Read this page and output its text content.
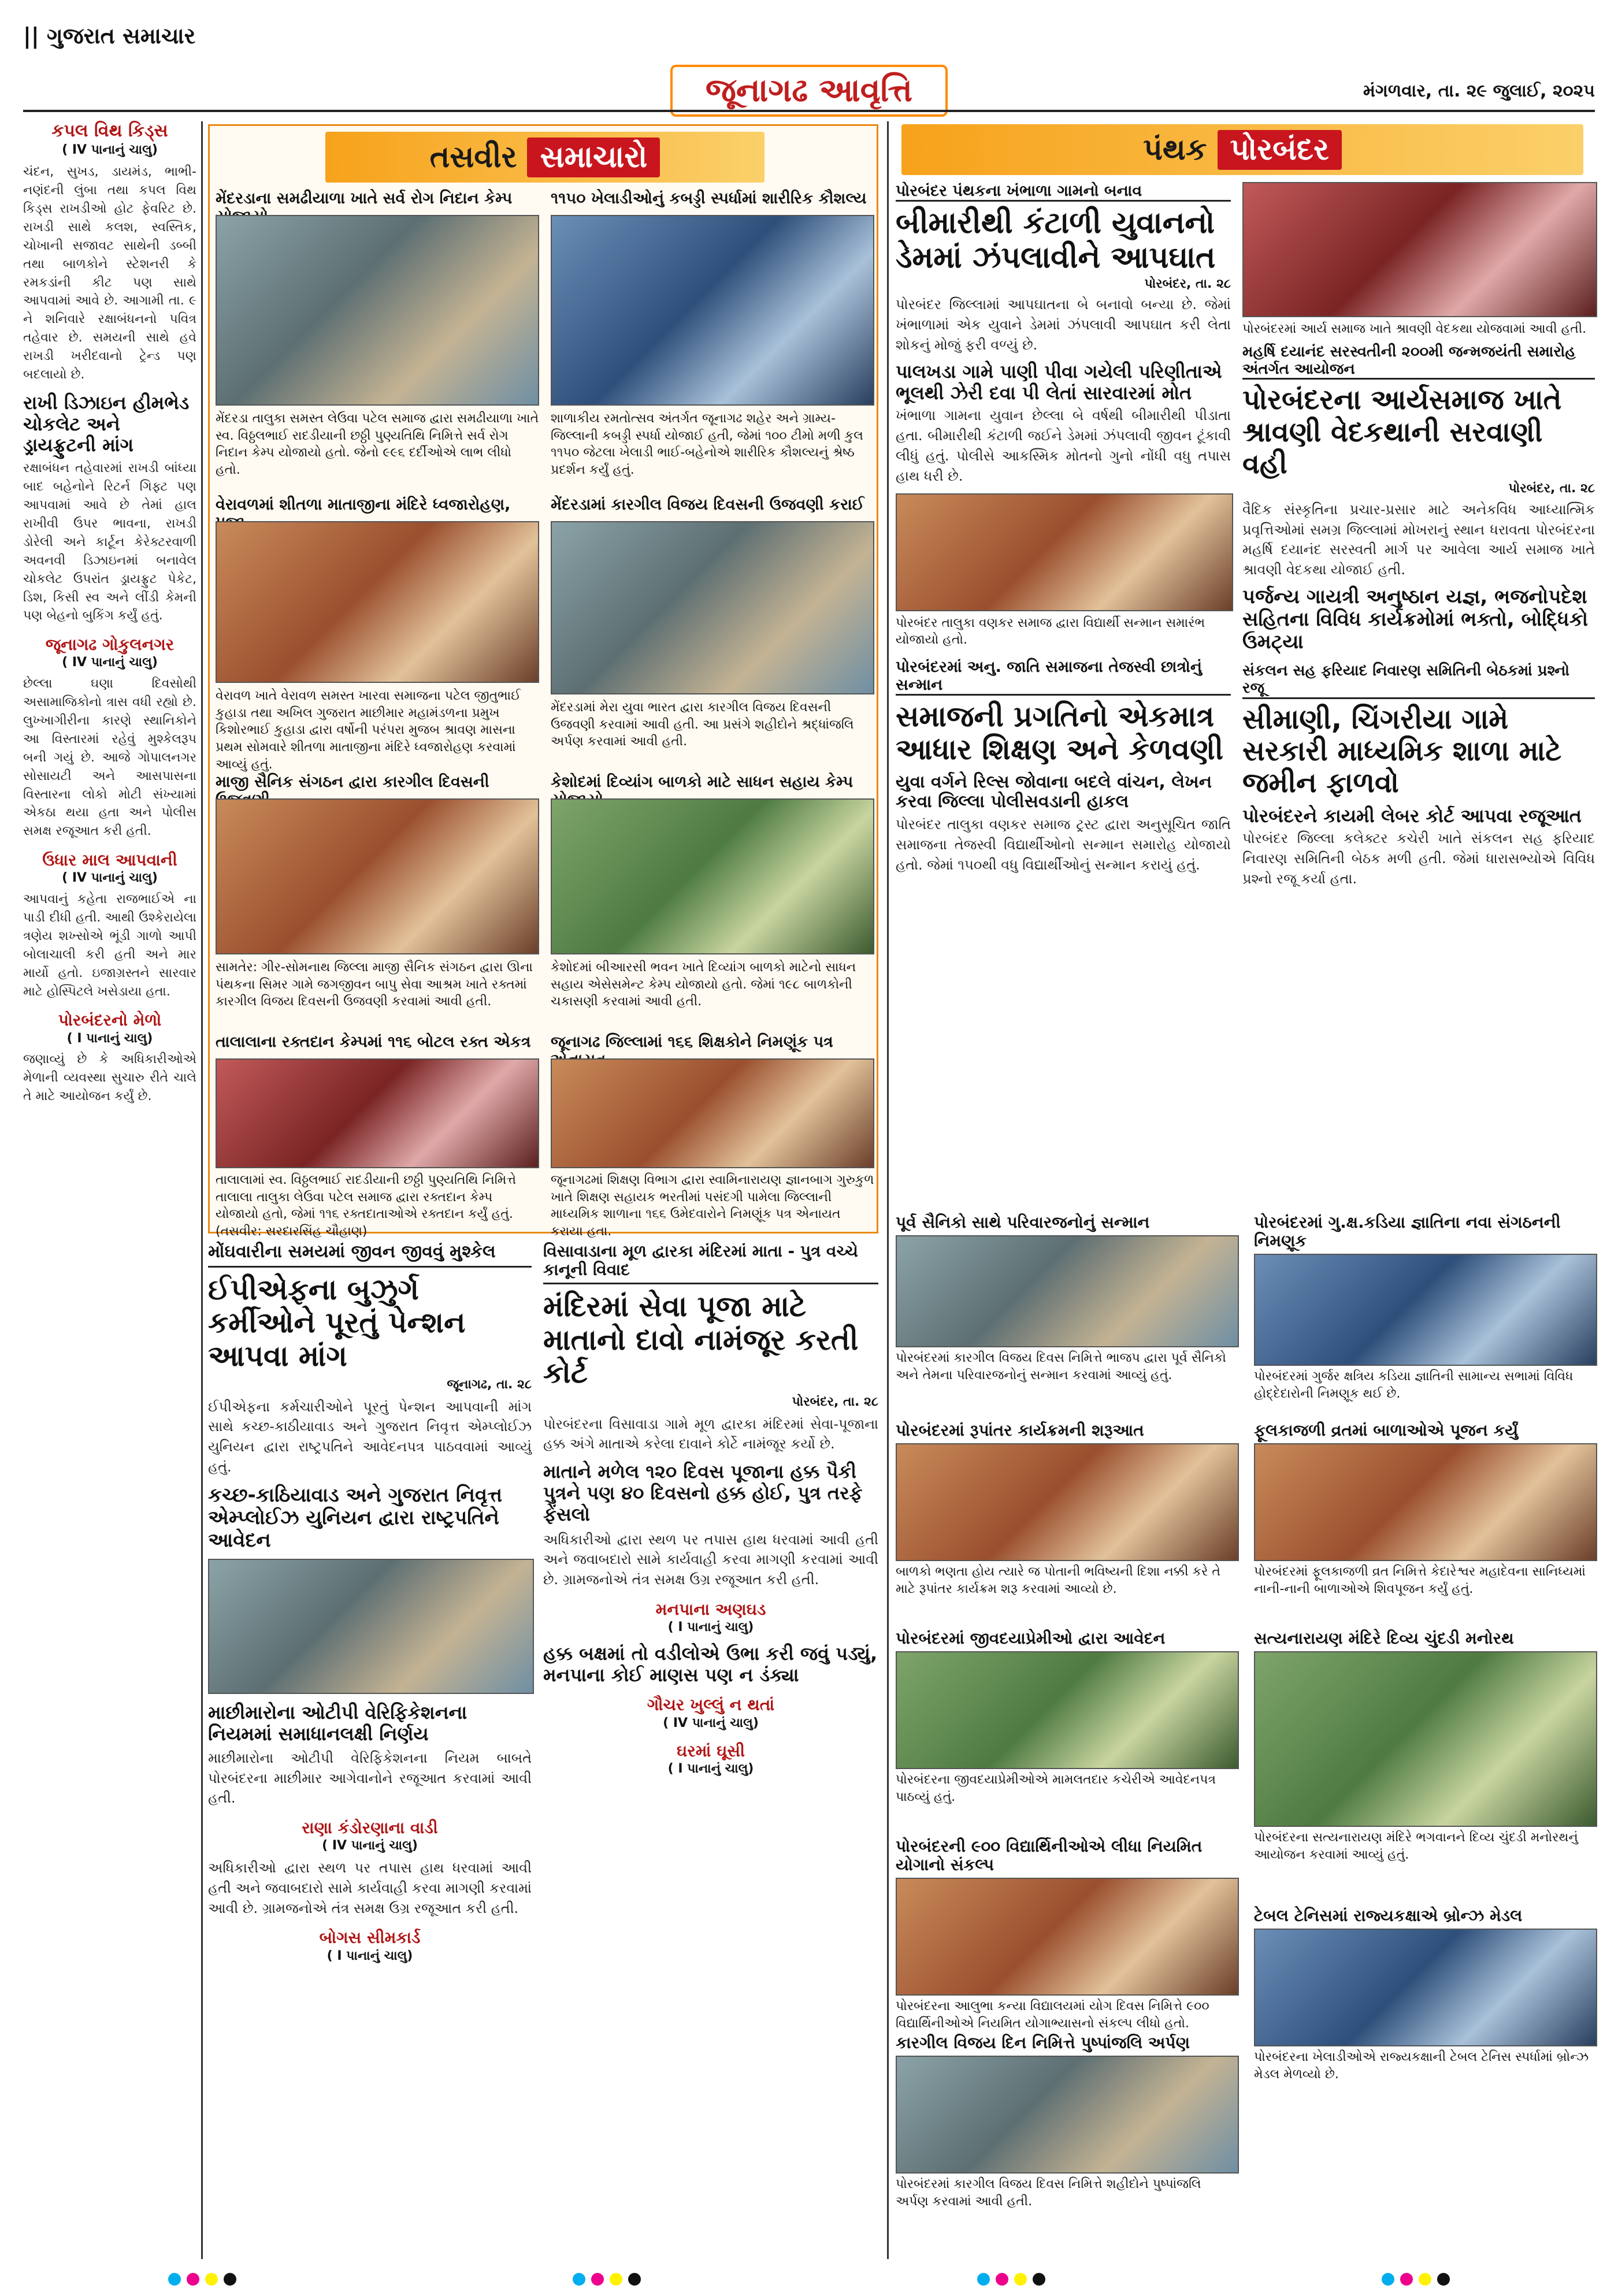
|| ગુજરાત સમાચાર
જૂનાગઢ આવૃત્તિ	મંગળવાર, તા. ૨૯ જુલાઈ, ૨૦૨૫
કપલ વિથ કિડ્સ
( IV પાનાનું ચાલુ)
ચંદન, સુખડ, ડાયમંડ, ભાભી-નણંદની લુંબા તથા કપલ વિથ કિડ્સ રાખડીઓ હોટ ફેવરિટ છે. રાખડી સાથે કલશ, સ્વસ્તિક, ચોખાની સજાવટ સાથેની ડબ્બી તથા બાળકોને સ્ટેશનરી કે રમકડાંની કીટ પણ સાથે આપવામાં આવે છે. આગામી તા. ૯ ને શનિવારે રક્ષાબંધનનો પવિત્ર તહેવાર છે. સમયની સાથે હવે રાખડી ખરીદવાનો ટ્રેન્ડ પણ બદલાયો છે.
રાખી ડિઝાઇન હીમભેડ ચોકલેટ અને ડ્રાયફ્રુટની માંગ
રક્ષાબંધન તહેવારમાં રાખડી બાંધ્યા બાદ બહેનોને રિટર્ન ગિફ્ટ પણ આપવામાં આવે છે તેમાં હાલ રાખીવી ઉપર ભાવના, રાખડી ડોરેલી અને કાર્ટૂન કેરેક્ટરવાળી અવનવી ડિઝાઇનમાં બનાવેલ ચોકલેટ ઉપરાંત ડ્રાયફ્રુટ પેકેટ, ડિશ, કિસી સ્વ અને લીંડી કેમની પણ બેહનો બુકિંગ કર્યું હતું.
જૂનાગઢ ગોકુલનગર
( IV પાનાનું ચાલુ)
છેલ્લા ઘણા દિવસોથી અસામાજિકોનો ત્રાસ વધી રહ્યો છે. લુખ્ખાગીરીના કારણે સ્થાનિકોને આ વિસ્તારમાં રહેવું મુશ્કેલરૂપ બની ગયું છે. આજે ગોપાલનગર સોસાયટી અને આસપાસના વિસ્તારના લોકો મોટી સંખ્યામાં એકઠા થયા હતા અને પોલીસ સમક્ષ રજૂઆત કરી હતી.
ઉધાર માલ આપવાની
( IV પાનાનું ચાલુ)
આપવાનું કહેતા રાજભાઈએ ના પાડી દીધી હતી. આથી ઉશ્કેરાયેલા ત્રણેય શખ્સોએ ભૂંડી ગાળો આપી બોલાચાલી કરી હતી અને માર માર્યો હતો. ઇજાગ્રસ્તને સારવાર માટે હોસ્પિટલે ખસેડાયા હતા.
પોરબંદરનો મેળો
( I પાનાનું ચાલુ)
જણાવ્યું છે કે અધિકારીઓએ મેળાની વ્યવસ્થા સુચારુ રીતે ચાલે તે માટે આયોજન કર્યું છે.
તસવીર સમાચારો
મેંદરડાના સમઢીયાળા ખાતે સર્વ રોગ નિદાન કેમ્પ
મેંદરડા તાલુકા સમસ્ત લેઉવા પટેલ સમાજ દ્વારા સમઢીયાળા ખાતે સ્વ. વિઠ્ઠલભાઈ રાદડીયાની છઠ્ઠી પુણ્યતિથિ નિમિત્તે સર્વ રોગ નિદાન કેમ્પ યોજાયો હતો. જેનો ૯૯૬ દર્દીઓએ લાભ લીધો હતો.
૧૧૫૦ ખેલાડીઓનું કબડ્ડી સ્પર્ધામાં શારીરિક કૌશલ્ય
શાળાકીય રમતોત્સવ અંતર્ગત જૂનાગઢ શહેર અને ગ્રામ્ય-જિલ્લાની કબડ્ડી સ્પર્ધા યોજાઈ હતી, જેમાં ૧૦૦ ટીમો મળી કુલ ૧૧૫૦ જેટલા ખેલાડી ભાઈ-બહેનોએ શારીરિક કૌશલ્યનું શ્રેષ્ઠ પ્રદર્શન કર્યું હતું.
વેરાવળમાં શીતળા માતાજીના મંદિરે ધ્વજારોહણ,
વેરાવળ ખાતે વેરાવળ સમસ્ત ખારવા સમાજના પટેલ જીતુભાઈ કુહાડા તથા અખિલ ગુજરાત માછીમાર મહામંડળના પ્રમુખ કિશોરભાઈ કુહાડા દ્વારા વર્ષોની પરંપરા મુજબ શ્રાવણ માસના પ્રથમ સોમવારે શીતળા માતાજીના મંદિરે ધ્વજારોહણ કરવામાં આવ્યું હતું.
મેંદરડામાં કારગીલ વિજય દિવસની ઉજવણી કરાઈ
મેંદરડામાં મેરા યુવા ભારત દ્વારા કારગીલ વિજય દિવસની ઉજવણી કરવામાં આવી હતી. આ પ્રસંગે શહીદોને શ્રદ્ધાંજલિ અર્પણ કરવામાં આવી હતી.
માજી સૈનિક સંગઠન દ્વારા કારગીલ દિવસની
સામતેર: ગીર-સોમનાથ જિલ્લા માજી સૈનિક સંગઠન દ્વારા ઊના પંથકના સિમર ગામે જગજીવન બાપુ સેવા આશ્રમ ખાતે રક્તમાં કારગીલ વિજય દિવસની ઉજવણી કરવામાં આવી હતી.
કેશોદમાં દિવ્યાંગ બાળકો માટે સાધન સહાય કેમ્પ
કેશોદમાં બીઆરસી ભવન ખાતે દિવ્યાંગ બાળકો માટેનો સાધન સહાય એસેસમેન્ટ કેમ્પ યોજાયો હતો. જેમાં ૧૯૮ બાળકોની ચકાસણી કરવામાં આવી હતી.
તાલાલાના રક્તદાન કેમ્પમાં ૧૧૬ બોટલ રક્ત એકત્ર
તાલાલામાં સ્વ. વિઠ્ઠલભાઈ રાદડીયાની છઠ્ઠી પુણ્યતિથિ નિમિત્તે તાલાલા તાલુકા લેઉવા પટેલ સમાજ દ્વારા રક્તદાન કેમ્પ યોજાયો હતો, જેમાં ૧૧૬ રક્તદાતાઓએ રક્તદાન કર્યું હતું. (તસવીર: સરદારસિંહ ચૌહાણ)
જૂનાગઢ જિલ્લામાં ૧૬૬ શિક્ષકોને નિમણૂંક પત્ર
જૂનાગઢમાં શિક્ષણ વિભાગ દ્વારા સ્વામિનારાયણ જ્ઞાનબાગ ગુરુકુળ ખાતે શિક્ષણ સહાયક ભરતીમાં પસંદગી પામેલા જિલ્લાની માધ્યમિક શાળાના ૧૬૬ ઉમેદવારોને નિમણૂંક પત્ર એનાયત કરાયા હતા.
મોંઘવારીના સમયમાં જીવન જીવવું મુશ્કેલ
ઈપીએફના બુઝુર્ગ કર્મીઓને પૂરતું પેન્શન આપવા માંગ
જૂનાગઢ, તા. ૨૮
ઈપીએફના કર્મચારીઓને પૂરતું પેન્શન આપવાની માંગ સાથે કચ્છ-કાઠીયાવાડ અને ગુજરાત નિવૃત્ત એમ્પ્લોઈઝ યુનિયન દ્વારા રાષ્ટ્રપતિને આવેદનપત્ર પાઠવવામાં આવ્યું હતું.
કચ્છ-કાઠિયાવાડ અને ગુજરાત નિવૃત્ત એમ્પ્લોઈઝ યુનિયન દ્વારા રાષ્ટ્રપતિને આવેદન
માછીમારોના ઓટીપી વેરિફિકેશનના નિયમમાં સમાધાનલક્ષી નિર્ણય
માછીમારોના ઓટીપી વેરિફિકેશનના નિયમ બાબતે પોરબંદરના માછીમાર આગેવાનોને રજૂઆત કરવામાં આવી હતી.
રાણા કંડોરણાના વાડી
( IV પાનાનું ચાલુ)
અધિકારીઓ દ્વારા સ્થળ પર તપાસ હાથ ધરવામાં આવી હતી અને જવાબદારો સામે કાર્યવાહી કરવા માગણી કરવામાં આવી છે. ગ્રામજનોએ તંત્ર સમક્ષ ઉગ્ર રજૂઆત કરી હતી.
બોગસ સીમકાર્ડ
( I પાનાનું ચાલુ)
વિસાવાડાના મૂળ દ્વારકા મંદિરમાં માતા - પુત્ર વચ્ચે કાનૂની વિવાદ
મંદિરમાં સેવા પૂજા માટે માતાનો દાવો નામંજૂર કરતી કોર્ટ
પોરબંદર, તા. ૨૮
પોરબંદરના વિસાવાડા ગામે મૂળ દ્વારકા મંદિરમાં સેવા-પૂજાના હક્ક અંગે માતાએ કરેલા દાવાને કોર્ટે નામંજૂર કર્યો છે.
માતાને મળેલ ૧૨૦ દિવસ પૂજાના હક્ક પૈકી પુત્રને પણ ૪૦ દિવસનો હક્ક હોઈ, પુત્ર તરફે ફેંસલો
અધિકારીઓ દ્વારા સ્થળ પર તપાસ હાથ ધરવામાં આવી હતી અને જવાબદારો સામે કાર્યવાહી કરવા માગણી કરવામાં આવી છે. ગ્રામજનોએ તંત્ર સમક્ષ ઉગ્ર રજૂઆત કરી હતી.
મનપાના અણઘડ
( I પાનાનું ચાલુ)
હક્ક બક્ષમાં તો વડીલોએ ઉભા કરી જવું પડ્યું, મનપાના કોઈ માણસ પણ ન ડંક્યા
ગૌચર ખુલ્લું ન થતાં
( IV પાનાનું ચાલુ)
ઘરમાં ઘૂસી
( I પાનાનું ચાલુ)
પંથક પોરબંદર
પોરબંદર પંથકના ખંભાળા ગામનો બનાવ
બીમારીથી કંટાળી યુવાનનો ડેમમાં ઝંપલાવીને આપઘાત
પોરબંદર, તા. ૨૮
પોરબંદર જિલ્લામાં આપઘાતના બે બનાવો બન્યા છે. જેમાં ખંભાળામાં એક યુવાને ડેમમાં ઝંપલાવી આપઘાત કરી લેતા શોકનું મોજું ફરી વળ્યું છે.
પાલખડા ગામે પાણી પીવા ગયેલી પરિણીતાએ ભૂલથી ઝેરી દવા પી લેતાં સારવારમાં મોત
ખંભાળા ગામના યુવાન છેલ્લા બે વર્ષથી બીમારીથી પીડાતા હતા. બીમારીથી કંટાળી જઈને ડેમમાં ઝંપલાવી જીવન ટૂંકાવી લીધું હતું. પોલીસે આકસ્મિક મોતનો ગુનો નોંધી વધુ તપાસ હાથ ધરી છે.
પોરબંદર તાલુકા વણકર સમાજ દ્વારા વિદ્યાર્થી સન્માન સમારંભ યોજાયો હતો.
પોરબંદરમાં અનુ. જાતિ સમાજના તેજસ્વી છાત્રોનું સન્માન
સમાજની પ્રગતિનો એકમાત્ર આધાર શિક્ષણ અને કેળવણી
યુવા વર્ગને રિલ્સ જોવાના બદલે વાંચન, લેખન કરવા જિલ્લા પોલીસવડાની હાકલ
પોરબંદર તાલુકા વણકર સમાજ ટ્રસ્ટ દ્વારા અનુસૂચિત જાતિ સમાજના તેજસ્વી વિદ્યાર્થીઓનો સન્માન સમારોહ યોજાયો હતો. જેમાં ૧૫૦થી વધુ વિદ્યાર્થીઓનું સન્માન કરાયું હતું.
પોરબંદરમાં આર્ય સમાજ ખાતે શ્રાવણી વેદકથા યોજવામાં આવી હતી.
મહર્ષિ દયાનંદ સરસ્વતીની ૨૦૦મી જન્મજયંતી સમારોહ અંતર્ગત આયોજન
પોરબંદરના આર્યસમાજ ખાતે શ્રાવણી વેદકથાની સરવાણી વહી
પોરબંદર, તા. ૨૮
વૈદિક સંસ્કૃતિના પ્રચાર-પ્રસાર માટે અનેકવિધ આધ્યાત્મિક પ્રવૃત્તિઓમાં સમગ્ર જિલ્લામાં મોખરાનું સ્થાન ધરાવતા પોરબંદરના મહર્ષિ દયાનંદ સરસ્વતી માર્ગ પર આવેલા આર્ય સમાજ ખાતે શ્રાવણી વેદકથા યોજાઈ હતી.
પર્જન્ય ગાયત્રી અનુષ્ઠાન યજ્ઞ, ભજનોપદેશ સહિતના વિવિધ કાર્યક્રમોમાં ભક્તો, બોદ્ધિકો ઉમટ્યા
સંકલન સહ ફરિયાદ નિવારણ સમિતિની બેઠકમાં પ્રશ્નો રજૂ
સીમાણી, ચિંગરીયા ગામે સરકારી માધ્યમિક શાળા માટે જમીન ફાળવો
પોરબંદરને કાયમી લેબર કોર્ટ આપવા રજૂઆત
પોરબંદર જિલ્લા કલેક્ટર કચેરી ખાતે સંકલન સહ ફરિયાદ નિવારણ સમિતિની બેઠક મળી હતી. જેમાં ધારાસભ્યોએ વિવિધ પ્રશ્નો રજૂ કર્યા હતા.
પૂર્વ સૈનિકો સાથે પરિવારજનોનું સન્માન
પોરબંદરમાં કારગીલ વિજય દિવસ નિમિત્તે ભાજપ દ્વારા પૂર્વ સૈનિકો અને તેમના પરિવારજનોનું સન્માન કરવામાં આવ્યું હતું.
પોરબંદરમાં ગુ.ક્ષ.કડિયા જ્ઞાતિના નવા સંગઠનની નિમણૂક
પોરબંદરમાં ગુર્જર ક્ષત્રિય કડિયા જ્ઞાતિની સામાન્ય સભામાં વિવિધ હોદ્દેદારોની નિમણૂક થઈ છે.
પોરબંદરમાં રૂપાંતર કાર્યક્રમની શરૂઆત
બાળકો ભણતા હોય ત્યારે જ પોતાની ભવિષ્યની દિશા નક્કી કરે તે માટે રૂપાંતર કાર્યક્રમ શરૂ કરવામાં આવ્યો છે.
ફૂલકાજળી વ્રતમાં બાળાઓએ પૂજન કર્યું
પોરબંદરમાં ફૂલકાજળી વ્રત નિમિત્તે કેદારેશ્વર મહાદેવના સાનિધ્યમાં નાની-નાની બાળાઓએ શિવપૂજન કર્યું હતું.
પોરબંદરમાં જીવદયાપ્રેમીઓ દ્વારા આવેદન
પોરબંદરના જીવદયાપ્રેમીઓએ મામલતદાર કચેરીએ આવેદનપત્ર પાઠવ્યું હતું.
સત્યનારાયણ મંદિરે દિવ્ય ચુંદડી મનોરથ
પોરબંદરના સત્યનારાયણ મંદિરે ભગવાનને દિવ્ય ચુંદડી મનોરથનું આયોજન કરવામાં આવ્યું હતું.
પોરબંદરની ૯૦૦ વિદ્યાર્થિનીઓએ લીધા નિયમિત યોગાનો સંકલ્પ
પોરબંદરના આલુભા કન્યા વિદ્યાલયમાં યોગ દિવસ નિમિત્તે ૯૦૦ વિદ્યાર્થિનીઓએ નિયમિત યોગાભ્યાસનો સંકલ્પ લીધો હતો.
ટેબલ ટેનિસમાં રાજ્યકક્ષાએ બ્રોન્ઝ મેડલ
પોરબંદરના ખેલાડીઓએ રાજ્યકક્ષાની ટેબલ ટેનિસ સ્પર્ધામાં બ્રોન્ઝ મેડલ મેળવ્યો છે.
કારગીલ વિજય દિન નિમિત્તે પુષ્પાંજલિ અર્પણ
પોરબંદરમાં કારગીલ વિજય દિવસ નિમિત્તે શહીદોને પુષ્પાંજલિ અર્પણ કરવામાં આવી હતી.
